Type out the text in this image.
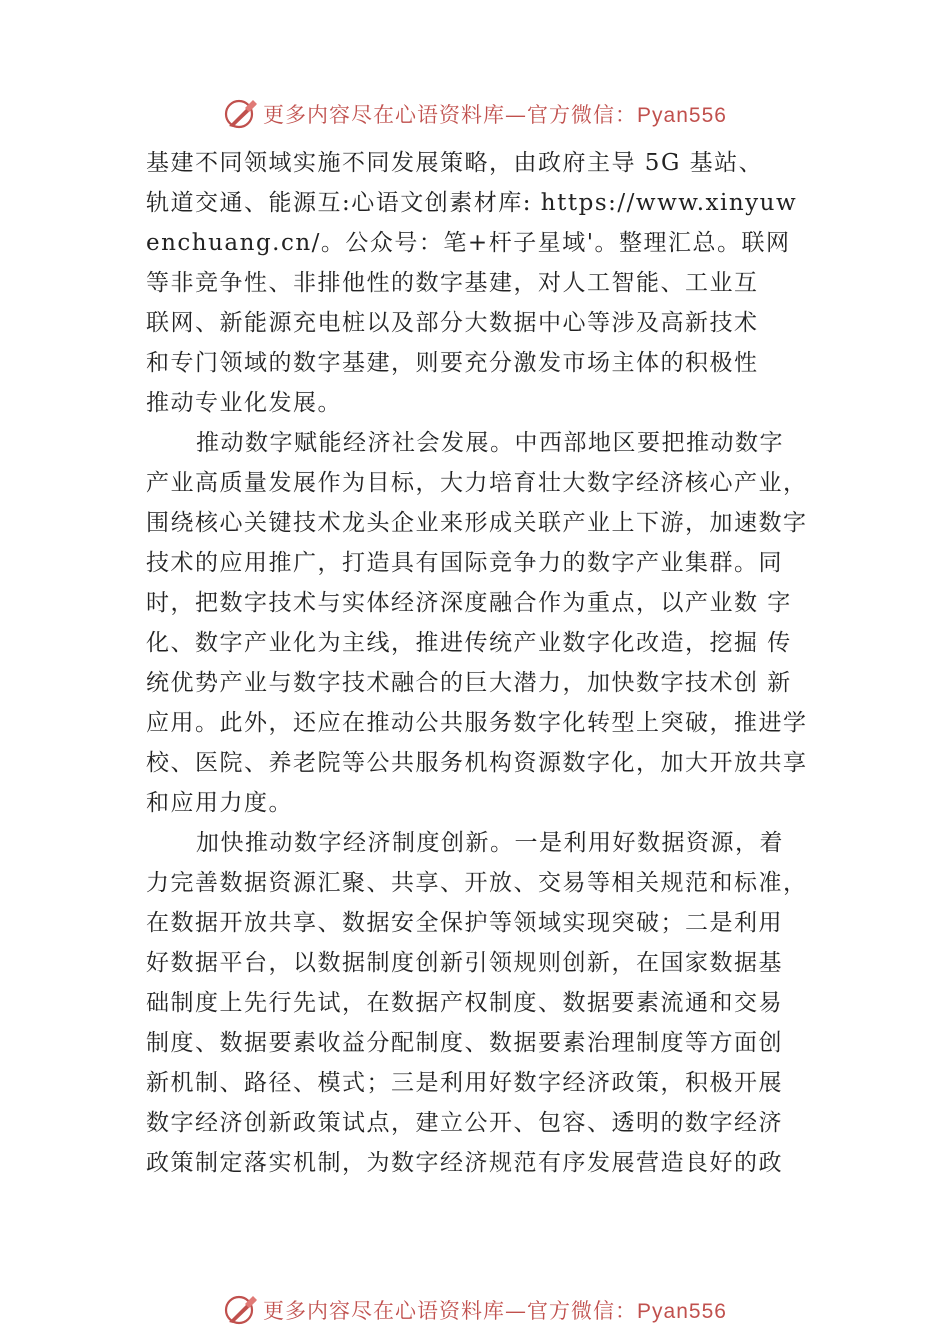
更多内容尽在心语资料库—官方微信：Pyan556
基建不同领域实施不同发展策略，由政府主导 5G 基站、
轨道交通、能源互:心语文创素材库: https://www.xinyuw
enchuang.cn/。公众号：笔+杆子星域'。整理汇总。联网
等非竞争性、非排他性的数字基建，对人工智能、工业互
联网、新能源充电桩以及部分大数据中心等涉及高新技术
和专门领域的数字基建，则要充分激发市场主体的积极性
推动专业化发展。
推动数字赋能经济社会发展。中西部地区要把推动数字
产业高质量发展作为目标，大力培育壮大数字经济核心产业，
围绕核心关键技术龙头企业来形成关联产业上下游，加速数字
技术的应用推广，打造具有国际竞争力的数字产业集群。同
时，把数字技术与实体经济深度融合作为重点，以产业数 字
化、数字产业化为主线，推进传统产业数字化改造，挖掘 传
统优势产业与数字技术融合的巨大潜力，加快数字技术创 新
应用。此外，还应在推动公共服务数字化转型上突破，推进学
校、医院、养老院等公共服务机构资源数字化，加大开放共享
和应用力度。
加快推动数字经济制度创新。一是利用好数据资源，着
力完善数据资源汇聚、共享、开放、交易等相关规范和标准，
在数据开放共享、数据安全保护等领域实现突破；二是利用
好数据平台，以数据制度创新引领规则创新，在国家数据基
础制度上先行先试，在数据产权制度、数据要素流通和交易
制度、数据要素收益分配制度、数据要素治理制度等方面创
新机制、路径、模式；三是利用好数字经济政策，积极开展
数字经济创新政策试点，建立公开、包容、透明的数字经济
政策制定落实机制，为数字经济规范有序发展营造良好的政
更多内容尽在心语资料库—官方微信：Pyan556
